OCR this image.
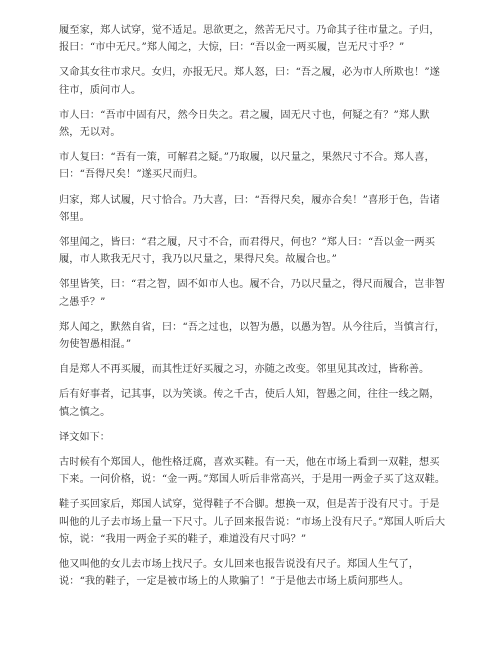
履至家，郑人试穿，觉不适足。思欲更之，然苦无尺寸。乃命其子往市量之。子归，报曰：“市中无尺。”郑人闻之，大惊，曰：“吾以金一两买履，岂无尺寸乎？”

又命其女往市求尺。女归，亦报无尺。郑人怒，曰：“吾之履，必为市人所欺也！”遂往市，质问市人。

市人曰：“吾市中固有尺，然今日失之。君之履，固无尺寸也，何疑之有？”郑人默然，无以对。

市人复曰：“吾有一策，可解君之疑。”乃取履，以尺量之，果然尺寸不合。郑人喜，曰：“吾得尺矣！”遂买尺而归。

归家，郑人试履，尺寸恰合。乃大喜，曰：“吾得尺矣，履亦合矣！”喜形于色，告诸邻里。

邻里闻之，皆曰：“君之履，尺寸不合，而君得尺，何也？”郑人曰：“吾以金一两买履，市人欺我无尺寸，我乃以尺量之，果得尺矣。故履合也。”

邻里皆笑，曰：“君之智，固不如市人也。履不合，乃以尺量之，得尺而履合，岂非智之愚乎？”

郑人闻之，默然自省，曰：“吾之过也，以智为愚，以愚为智。从今往后，当慎言行，勿使智愚相混。”

自是郑人不再买履，而其性迂好买履之习，亦随之改变。邻里见其改过，皆称善。

后有好事者，记其事，以为笑谈。传之千古，使后人知，智愚之间，往往一线之隔，慎之慎之。

译文如下：

古时候有个郑国人，他性格迂腐，喜欢买鞋。有一天，他在市场上看到一双鞋，想买下来。一问价格，说：“金一两。”郑国人听后非常高兴，于是用一两金子买了这双鞋。

鞋子买回家后，郑国人试穿，觉得鞋子不合脚。想换一双，但是苦于没有尺寸。于是叫他的儿子去市场上量一下尺寸。儿子回来报告说：“市场上没有尺子。”郑国人听后大惊，说：“我用一两金子买的鞋子，难道没有尺寸吗？”

他又叫他的女儿去市场上找尺子。女儿回来也报告说没有尺子。郑国人生气了，说：“我的鞋子，一定是被市场上的人欺骗了！”于是他去市场上质问那些人。
